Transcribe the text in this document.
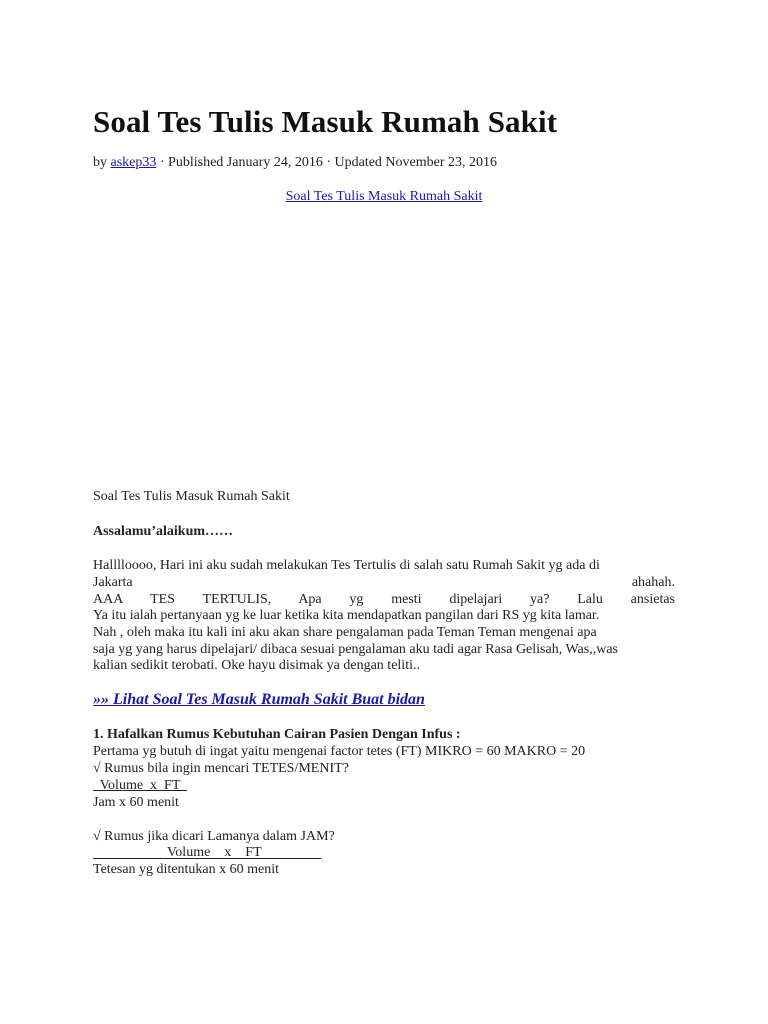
Soal Tes Tulis Masuk Rumah Sakit
by askep33 · Published January 24, 2016 · Updated November 23, 2016
Soal Tes Tulis Masuk Rumah Sakit
Soal Tes Tulis Masuk Rumah Sakit
Assalamu’alaikum……
Halllloooo, Hari ini aku sudah melakukan Tes Tertulis di salah satu Rumah Sakit yg ada di
Jakarta	ahahah.
AAA TES TERTULIS, Apa yg mesti dipelajari ya? Lalu ansietas
Ya itu ialah pertanyaan yg ke luar ketika kita mendapatkan pangilan dari RS yg kita lamar.
Nah , oleh maka itu kali ini aku akan share pengalaman pada Teman Teman mengenai apa
saja yg yang harus dipelajari/ dibaca sesuai pengalaman aku tadi agar Rasa Gelisah, Was,,was
kalian sedikit terobati. Oke hayu disimak ya dengan teliti..
»» Lihat Soal Tes Masuk Rumah Sakit Buat bidan
1. Hafalkan Rumus Kebutuhan Cairan Pasien Dengan Infus :
Pertama yg butuh di ingat yaitu mengenai factor tetes (FT) MIKRO = 60 MAKRO = 20
√ Rumus bila ingin mencari TETES/MENIT?
Volume  x  FT
Jam x 60 menit
√ Rumus jika dicari Lamanya dalam JAM?
Volume    x    FT
Tetesan yg ditentukan x 60 menit
